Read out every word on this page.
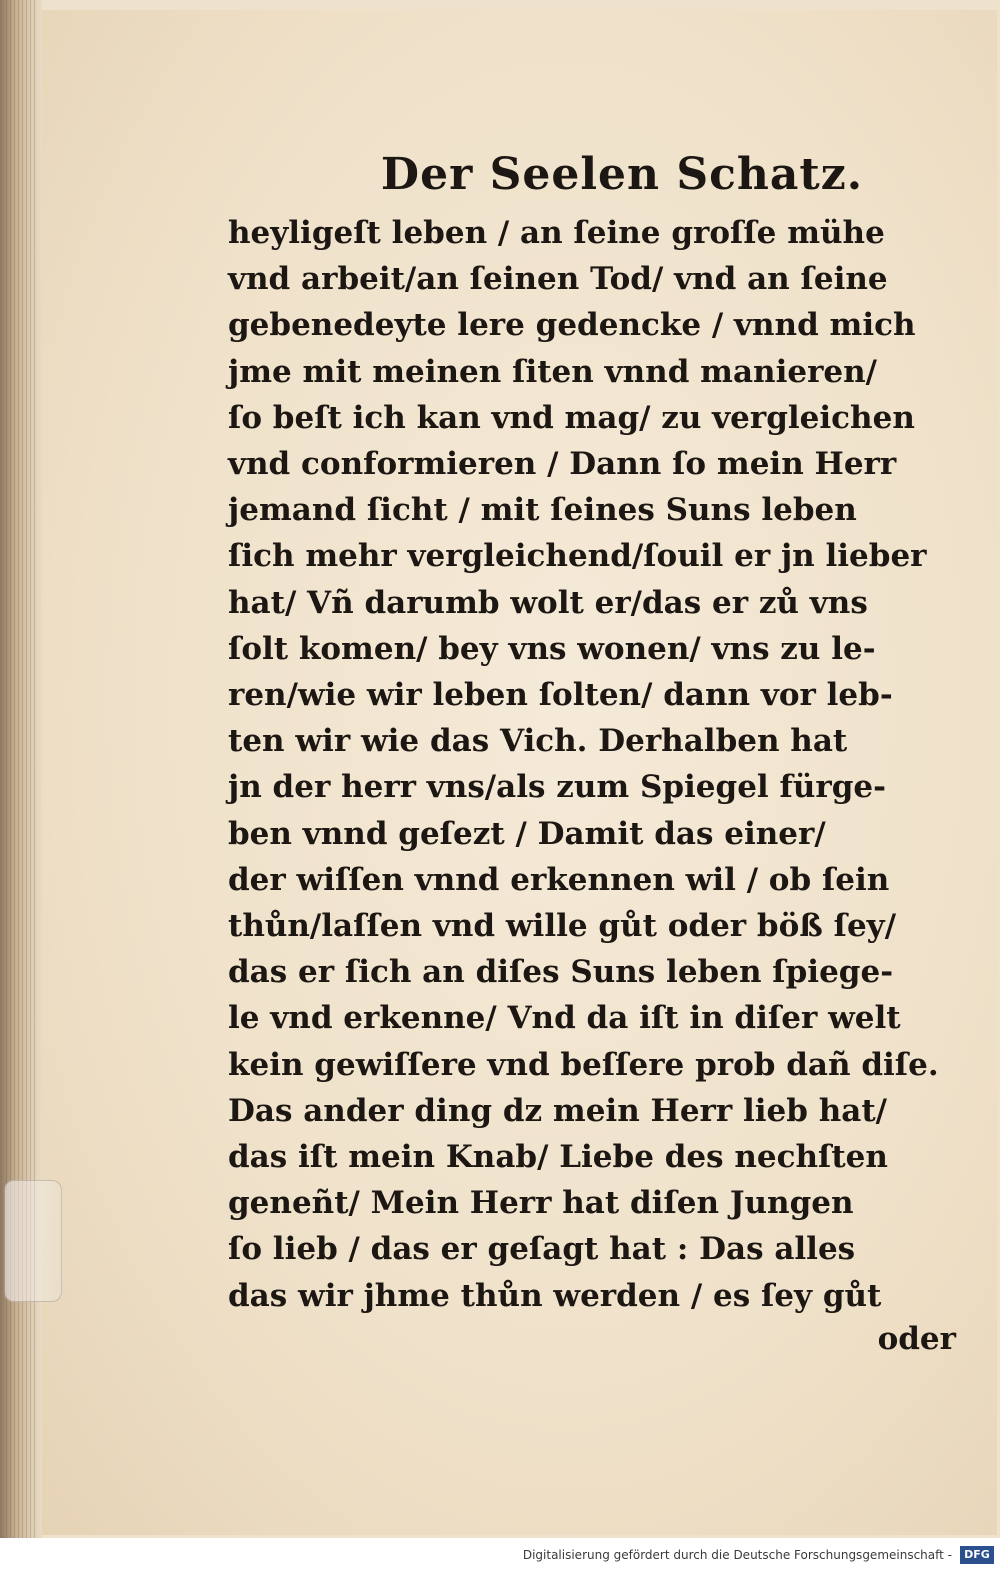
Der Seelen Schatz.
heyligeſt leben / an ſeine groſſe mühe
vnd arbeit/an ſeinen Tod/ vnd an ſeine
gebenedeyte lere gedencke / vnnd mich
jme mit meinen ſiten vnnd manieren/
ſo beſt ich kan vnd mag/ zu vergleichen
vnd conformieren / Dann ſo mein Herr
jemand ſicht / mit ſeines Suns leben
ſich mehr vergleichend/ſouil er jn lieber
hat/ Vñ darumb wolt er/das er zů vns
ſolt komen/ bey vns wonen/ vns zu le-
ren/wie wir leben ſolten/ dann vor leb-
ten wir wie das Vich. Derhalben hat
jn der herr vns/als zum Spiegel fürge-
ben vnnd geſezt / Damit das einer/
der wiſſen vnnd erkennen wil / ob ſein
thůn/laſſen vnd wille gůt oder böß ſey/
das er ſich an diſes Suns leben ſpiege-
le vnd erkenne/ Vnd da iſt in diſer welt
kein gewiſſere vnd beſſere prob dañ diſe.
Das ander ding dz mein Herr lieb hat/
das iſt mein Knab/ Liebe des nechſten
geneñt/ Mein Herr hat diſen Jungen
ſo lieb / das er geſagt hat : Das alles
das wir jhme thůn werden / es ſey gůt
oder
Digitalisierung gefördert durch die Deutsche Forschungsgemeinschaft -	DFG
